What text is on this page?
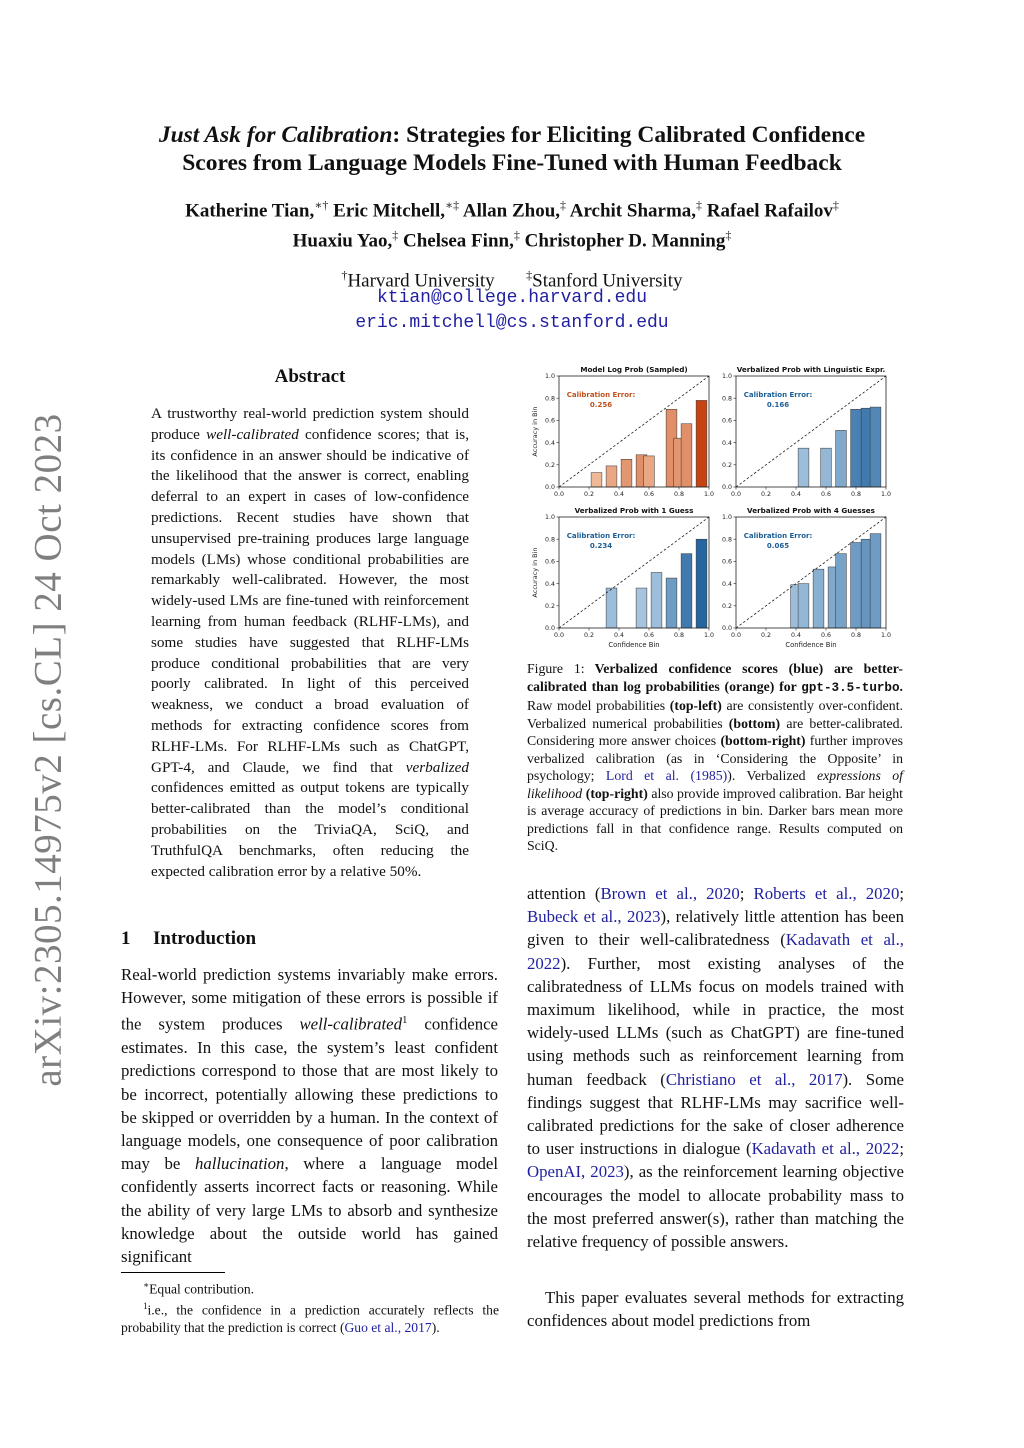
arXiv:2305.14975v2 [cs.CL] 24 Oct 2023
Just Ask for Calibration: Strategies for Eliciting Calibrated Confidence
Scores from Language Models Fine-Tuned with Human Feedback
Katherine Tian,∗† Eric Mitchell,∗‡ Allan Zhou,‡ Archit Sharma,‡ Rafael Rafailov‡
Huaxiu Yao,‡ Chelsea Finn,‡ Christopher D. Manning‡
†Harvard University	‡Stanford University
ktian@college.harvard.edu
eric.mitchell@cs.stanford.edu
Abstract
A trustworthy real-world prediction system should produce well-calibrated confidence scores; that is, its confidence in an answer should be indicative of the likelihood that the answer is correct, enabling deferral to an expert in cases of low-confidence predictions. Recent studies have shown that unsupervised pre-training produces large language models (LMs) whose conditional probabilities are remarkably well-calibrated. However, the most widely-used LMs are fine-tuned with reinforcement learning from human feedback (RLHF-LMs), and some studies have suggested that RLHF-LMs produce conditional probabilities that are very poorly calibrated. In light of this perceived weakness, we conduct a broad evaluation of methods for extracting confidence scores from RLHF-LMs. For RLHF-LMs such as ChatGPT, GPT-4, and Claude, we find that verbalized confidences emitted as output tokens are typically better-calibrated than the model’s conditional probabilities on the TriviaQA, SciQ, and TruthfulQA benchmarks, often reducing the expected calibration error by a relative 50%.
1 Introduction
Real-world prediction systems invariably make errors. However, some mitigation of these errors is possible if the system produces well-calibrated$^1$ confidence estimates. In this case, the system’s least confident predictions correspond to those that are most likely to be incorrect, potentially allowing these predictions to be skipped or overridden by a human. In the context of language models, one consequence of poor calibration may be hallucination, where a language model confidently asserts incorrect facts or reasoning. While the ability of very large LMs to absorb and synthesize knowledge about the outside world has gained significant
∗Equal contribution.
$^1$i.e., the confidence in a prediction accurately reflects the probability that the prediction is correct (Guo et al., 2017).
Model Log Prob (Sampled)
0.0
0.0
0.2
0.2
0.4
0.4
0.6
0.6
0.8
0.8
1.0
1.0
Accuracy in Bin
Calibration Error:
0.256
Verbalized Prob with Linguistic Expr.
0.0
0.0
0.2
0.2
0.4
0.4
0.6
0.6
0.8
0.8
1.0
1.0
Calibration Error:
0.166
Verbalized Prob with 1 Guess
0.0
0.0
0.2
0.2
0.4
0.4
0.6
0.6
0.8
0.8
1.0
1.0
Accuracy in Bin
Confidence Bin
Calibration Error:
0.234
Verbalized Prob with 4 Guesses
0.0
0.0
0.2
0.2
0.4
0.4
0.6
0.6
0.8
0.8
1.0
1.0
Confidence Bin
Calibration Error:
0.065
Figure 1: Verbalized confidence scores (blue) are better-calibrated than log probabilities (orange) for gpt-3.5-turbo. Raw model probabilities (top-left) are consistently over-confident. Verbalized numerical probabilities (bottom) are better-calibrated. Considering more answer choices (bottom-right) further improves verbalized calibration (as in ‘Considering the Opposite’ in psychology; Lord et al. (1985)). Verbalized expressions of likelihood (top-right) also provide improved calibration. Bar height is average accuracy of predictions in bin. Darker bars mean more predictions fall in that confidence range. Results computed on SciQ.
attention (Brown et al., 2020; Roberts et al., 2020; Bubeck et al., 2023), relatively little attention has been given to their well-calibratedness (Kadavath et al., 2022). Further, most existing analyses of the calibratedness of LLMs focus on models trained with maximum likelihood, while in practice, the most widely-used LLMs (such as ChatGPT) are fine-tuned using methods such as reinforcement learning from human feedback (Christiano et al., 2017). Some findings suggest that RLHF-LMs may sacrifice well-calibrated predictions for the sake of closer adherence to user instructions in dialogue (Kadavath et al., 2022; OpenAI, 2023), as the reinforcement learning objective encourages the model to allocate probability mass to the most preferred answer(s), rather than matching the relative frequency of possible answers.
This paper evaluates several methods for extracting confidences about model predictions from
